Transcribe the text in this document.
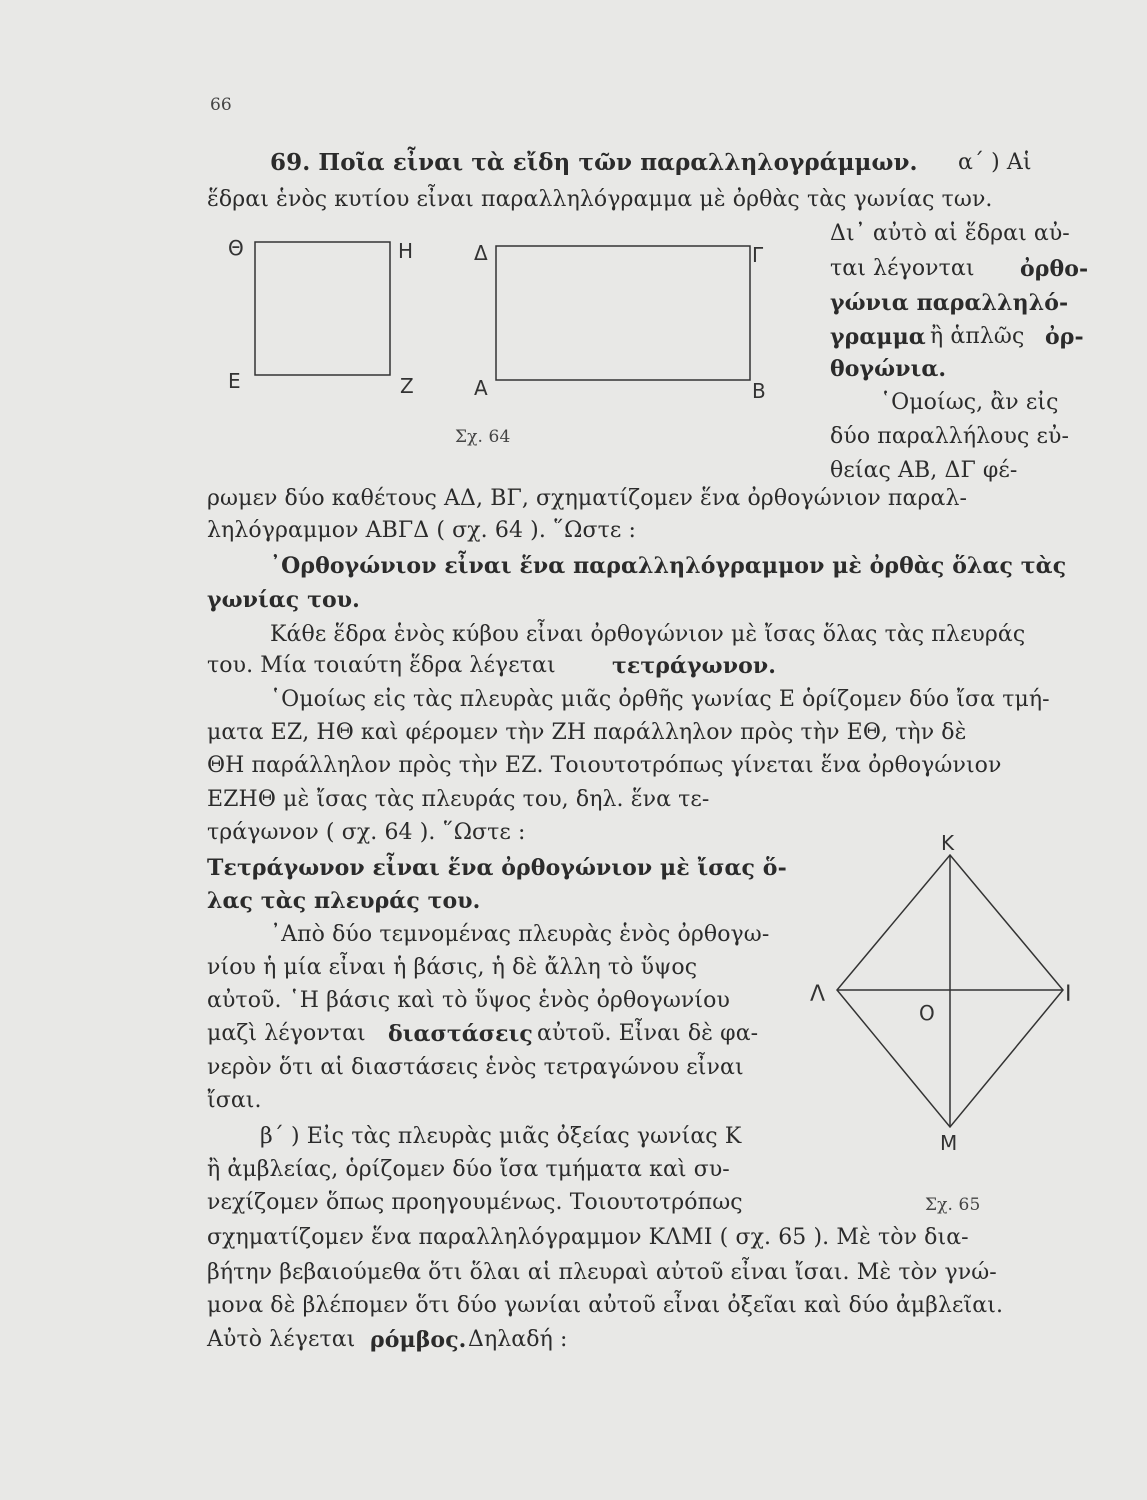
66
69. Ποῖα εἶναι τὰ εἴδη τῶν παραλληλογράμμων. α΄ ) Αἱ
ἕδραι ἑνὸς κυτίου εἶναι παραλληλόγραμμα μὲ ὀρθὰς τὰς γωνίας των.
Δι᾿ αὐτὸ αἱ ἕδραι αὐ-
ται λέγονται ὀρθο-
γώνια παραλληλό-
γραμμα ἢ ἁπλῶς ὀρ-
θογώνια.
῾Ομοίως, ἂν εἰς
δύο παραλλήλους εὐ-
θείας ΑΒ, ΔΓ φέ-
ρωμεν δύο καθέτους ΑΔ, ΒΓ, σχηματίζομεν ἕνα ὀρθογώνιον παραλ-
ληλόγραμμον ΑΒΓΔ ( σχ. 64 ). ῞Ωστε :
᾿Ορθογώνιον εἶναι ἕνα παραλληλόγραμμον μὲ ὀρθὰς ὅλας τὰς
γωνίας του.
Κάθε ἕδρα ἑνὸς κύβου εἶναι ὀρθογώνιον μὲ ἴσας ὅλας τὰς πλευράς
του. Μία τοιαύτη ἕδρα λέγεται	τετράγωνον.
῾Ομοίως εἰς τὰς πλευρὰς μιᾶς ὀρθῆς γωνίας Ε ὁρίζομεν δύο ἴσα τμή-
ματα ΕΖ, ΗΘ καὶ φέρομεν τὴν ΖΗ παράλληλον πρὸς τὴν ΕΘ, τὴν δὲ
ΘΗ παράλληλον πρὸς τὴν ΕΖ. Τοιουτοτρόπως γίνεται ἕνα ὀρθογώνιον
ΕΖΗΘ μὲ ἴσας τὰς πλευράς του, δηλ. ἕνα τε-
τράγωνον ( σχ. 64 ). ῞Ωστε :
Τετράγωνον εἶναι ἕνα ὀρθογώνιον μὲ ἴσας ὅ-
λας τὰς πλευράς του.
᾿Απὸ δύο τεμνομένας πλευρὰς ἑνὸς ὀρθογω-
νίου ἡ μία εἶναι ἡ βάσις, ἡ δὲ ἄλλη τὸ ὕψος
αὐτοῦ. ῾Η βάσις καὶ τὸ ὕψος ἑνὸς ὀρθογωνίου
μαζὶ λέγονται διαστάσεις αὐτοῦ. Εἶναι δὲ φα-
νερὸν ὅτι αἱ διαστάσεις ἑνὸς τετραγώνου εἶναι
ἴσαι.
β΄ ) Εἰς τὰς πλευρὰς μιᾶς ὀξείας γωνίας Κ
ἢ ἀμβλείας, ὁρίζομεν δύο ἴσα τμήματα καὶ συ-
νεχίζομεν ὅπως προηγουμένως. Τοιουτοτρόπως
σχηματίζομεν ἕνα παραλληλόγραμμον ΚΛΜΙ ( σχ. 65 ). Μὲ τὸν δια-
βήτην βεβαιούμεθα ὅτι ὅλαι αἱ πλευραὶ αὐτοῦ εἶναι ἴσαι. Μὲ τὸν γνώ-
μονα δὲ βλέπομεν ὅτι δύο γωνίαι αὐτοῦ εἶναι ὀξεῖαι καὶ δύο ἀμβλεῖαι.
Αὐτὸ λέγεται ρόμβος. Δηλαδή :
Θ	Η
Ε	Ζ
Δ	Γ
Α	Β
Κ
Λ	Ι
Μ
Ο
Σχ. 64
Σχ. 65
